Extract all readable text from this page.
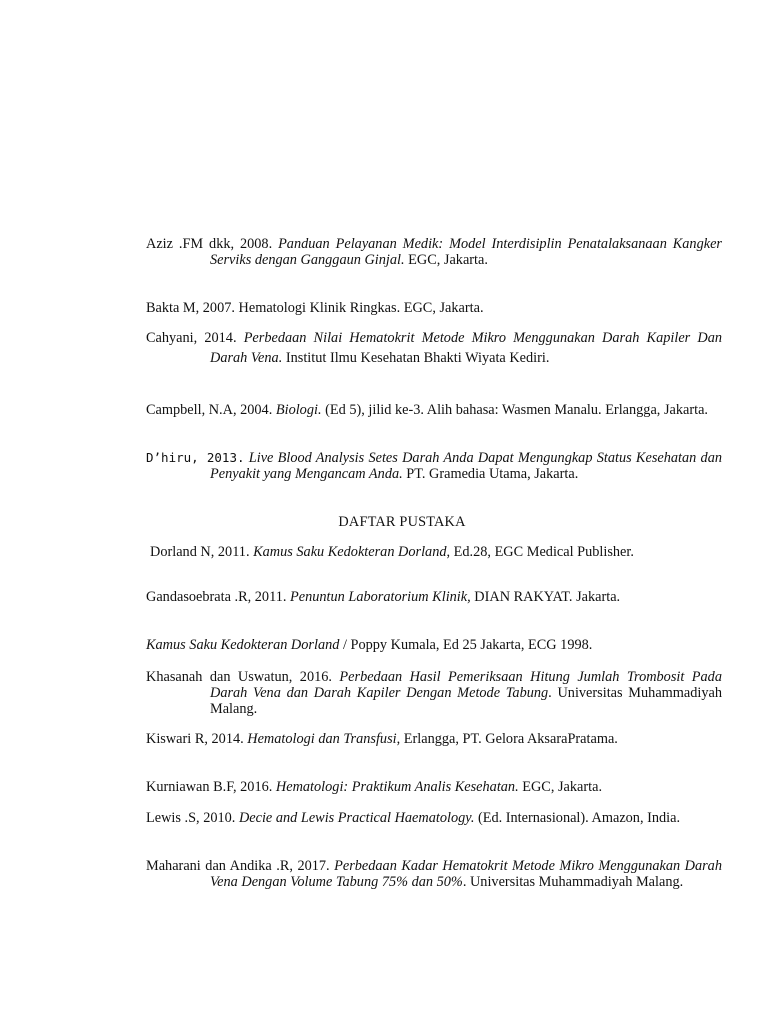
Aziz .FM dkk, 2008. Panduan Pelayanan Medik: Model Interdisiplin Penatalaksanaan Kangker Serviks dengan Ganggaun Ginjal. EGC, Jakarta.

Bakta M, 2007. Hematologi Klinik Ringkas. EGC, Jakarta.

Cahyani, 2014. Perbedaan Nilai Hematokrit Metode Mikro Menggunakan Darah Kapiler Dan Darah Vena. Institut Ilmu Kesehatan Bhakti Wiyata Kediri.

Campbell, N.A, 2004. Biologi. (Ed 5), jilid ke-3. Alih bahasa: Wasmen Manalu. Erlangga, Jakarta.

D’hiru, 2013. Live Blood Analysis Setes Darah Anda Dapat Mengungkap Status Kesehatan dan Penyakit yang Mengancam Anda. PT. Gramedia Utama, Jakarta.

DAFTAR PUSTAKA

Dorland N, 2011. Kamus Saku Kedokteran Dorland, Ed.28, EGC Medical Publisher.

Gandasoebrata .R, 2011. Penuntun Laboratorium Klinik, DIAN RAKYAT. Jakarta.

Kamus Saku Kedokteran Dorland / Poppy Kumala, Ed 25 Jakarta, ECG 1998.

Khasanah dan Uswatun, 2016. Perbedaan Hasil Pemeriksaan Hitung Jumlah Trombosit Pada Darah Vena dan Darah Kapiler Dengan Metode Tabung. Universitas Muhammadiyah Malang.

Kiswari R, 2014. Hematologi dan Transfusi, Erlangga, PT. Gelora AksaraPratama.

Kurniawan B.F, 2016. Hematologi: Praktikum Analis Kesehatan. EGC, Jakarta.

Lewis .S, 2010. Decie and Lewis Practical Haematology. (Ed. Internasional). Amazon, India.

Maharani dan Andika .R, 2017. Perbedaan Kadar Hematokrit Metode Mikro Menggunakan Darah Vena Dengan Volume Tabung 75% dan 50%. Universitas Muhammadiyah Malang.
